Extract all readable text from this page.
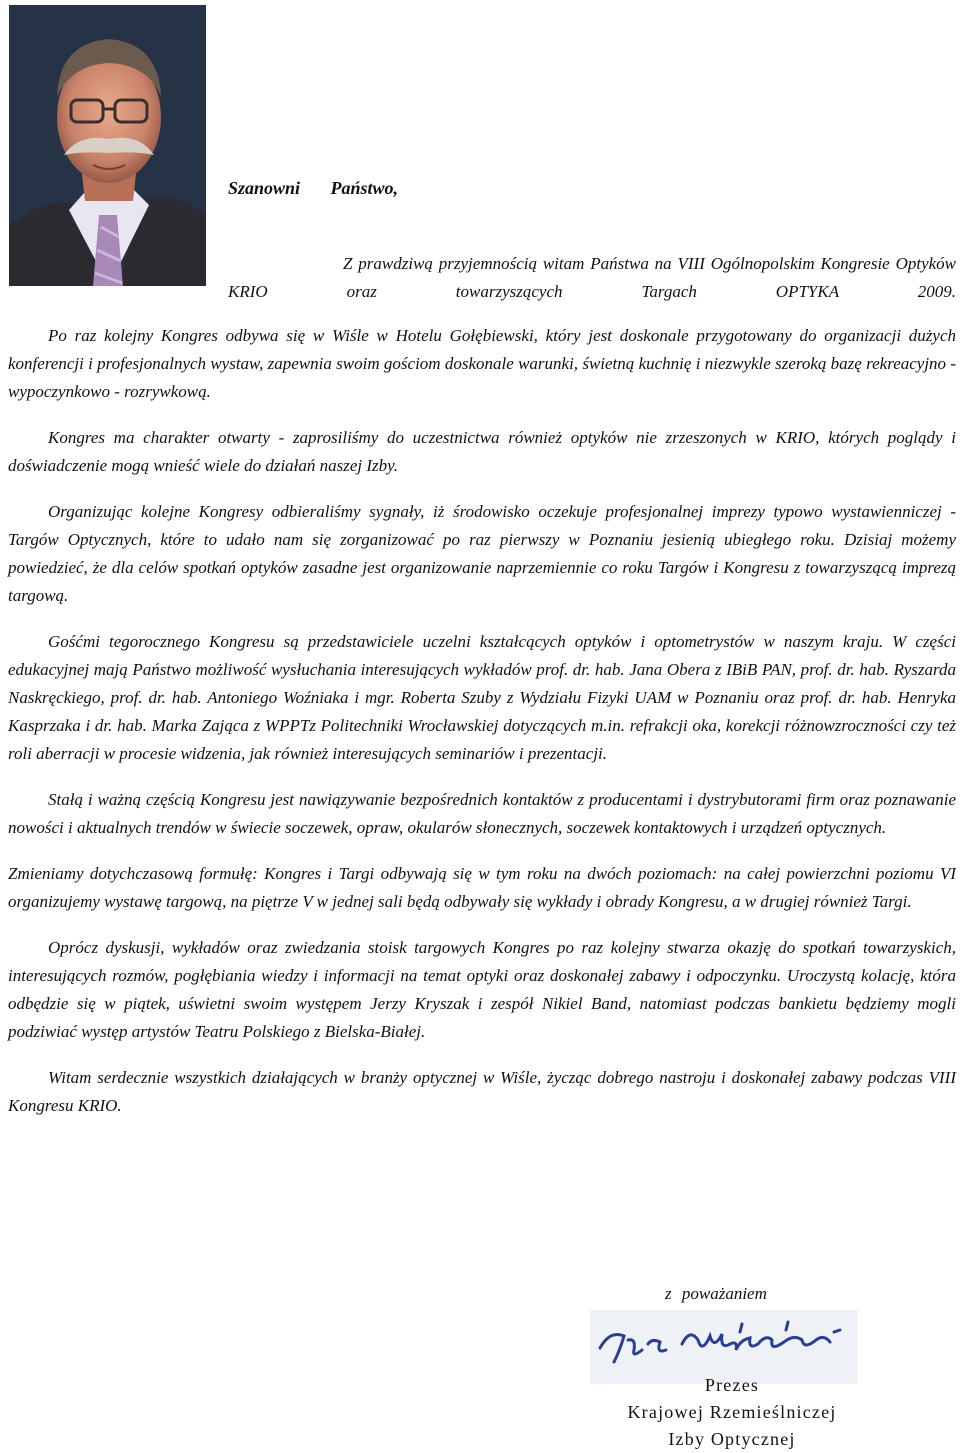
Szanowni Państwo,
Z prawdziwą przyjemnością witam Państwa na VIII Ogólnopolskim Kongresie Optyków KRIO oraz towarzyszących Targach OPTYKA 2009.

Po raz kolejny Kongres odbywa się w Wiśle w Hotelu Gołębiewski, który jest doskonale przygotowany do organizacji dużych konferencji i profesjonalnych wystaw, zapewnia swoim gościom doskonale warunki, świetną kuchnię i niezwykle szeroką bazę rekreacyjno - wypoczynkowo - rozrywkową.

Kongres ma charakter otwarty - zaprosiliśmy do uczestnictwa również optyków nie zrzeszonych w KRIO, których poglądy i doświadczenie mogą wnieść wiele do działań naszej Izby.

Organizując kolejne Kongresy odbieraliśmy sygnały, iż środowisko oczekuje profesjonalnej imprezy typowo wystawienniczej - Targów Optycznych, które to udało nam się zorganizować po raz pierwszy w Poznaniu jesienią ubiegłego roku. Dzisiaj możemy powiedzieć, że dla celów spotkań optyków zasadne jest organizowanie naprzemiennie co roku Targów i Kongresu z towarzyszącą imprezą targową.

Gośćmi tegorocznego Kongresu są przedstawiciele uczelni kształcących optyków i optometrystów w naszym kraju. W części edukacyjnej mają Państwo możliwość wysłuchania interesujących wykładów prof. dr. hab. Jana Obera z IBiB PAN, prof. dr. hab. Ryszarda Naskręckiego, prof. dr. hab. Antoniego Woźniaka i mgr. Roberta Szuby z Wydziału Fizyki UAM w Poznaniu oraz prof. dr. hab. Henryka Kasprzaka i dr. hab. Marka Zająca z WPPTz Politechniki Wrocławskiej dotyczących m.in. refrakcji oka, korekcji różnowzroczności czy też roli aberracji w procesie widzenia, jak również interesujących seminariów i prezentacji.

Stałą i ważną częścią Kongresu jest nawiązywanie bezpośrednich kontaktów z producentami i dystrybutorami firm oraz poznawanie nowości i aktualnych trendów w świecie soczewek, opraw, okularów słonecznych, soczewek kontaktowych i urządzeń optycznych.

Zmieniamy dotychczasową formułę: Kongres i Targi odbywają się w tym roku na dwóch poziomach: na całej powierzchni poziomu VI organizujemy wystawę targową, na piętrze V w jednej sali będą odbywały się wykłady i obrady Kongresu, a w drugiej również Targi.

Oprócz dyskusji, wykładów oraz zwiedzania stoisk targowych Kongres po raz kolejny stwarza okazję do spotkań towarzyskich, interesujących rozmów, pogłębiania wiedzy i informacji na temat optyki oraz doskonałej zabawy i odpoczynku. Uroczystą kolację, która odbędzie się w piątek, uświetni swoim występem Jerzy Kryszak i zespół Nikiel Band, natomiast podczas bankietu będziemy mogli podziwiać występ artystów Teatru Polskiego z Bielska-Białej.

Witam serdecznie wszystkich działających w branży optycznej w Wiśle, życząc dobrego nastroju i doskonałej zabawy podczas VIII Kongresu KRIO.

z poważaniem
Prezes
Krajowej Rzemieślniczej
Izby Optycznej
